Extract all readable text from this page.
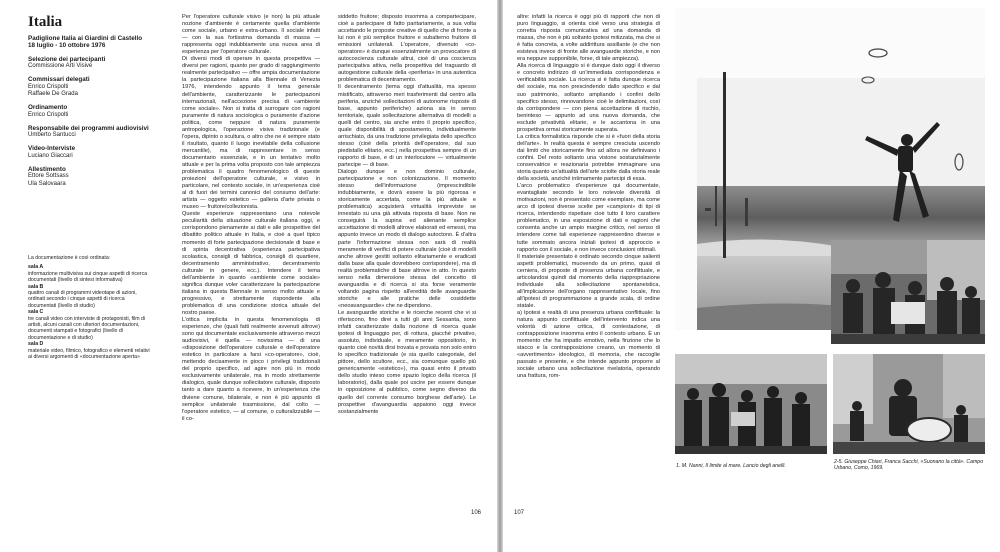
Italia
Padiglione Italia ai Giardini di Castello
18 luglio - 10 ottobre 1976
Selezione dei partecipanti
Commissione Arti Visive
Commissari delegati
Enrico Crispolti
Raffaele De Grada
Ordinamento
Enrico Crispolti
Responsabile dei programmi audiovisivi
Umberto Santucci
Video-Interviste
Luciano Giaccari
Allestimento
Ettore Sottsass
Ula Salovaara
La documentazione è così ordinata:
sala A
informazione multivisiva sui cinque aspetti di ricerca documentati (livello di sintesi informativa)
sala B
quattro canali di programmi videotape di azioni, ordinati secondo i cinque aspetti di ricerca documentati (livello di studio)
sala C
tre canali video con interviste di protagonisti, film di artisti, alcuni canali con ulteriori documentazioni, documenti stampati e fotografici (livello di documentazione e di studio)
sala D
materiale video, filmico, fotografico e elementi relativi ai diversi argomenti di «documentazione aperta»

Per l'operatore culturale visivo (e non) la più attuale nozione d'ambiente è certamente quella d'ambiente come sociale, urbano e extra-urbano. Il sociale infatti — con la sua fortissima domanda di massa — rappresenta oggi indubbiamente una nuova area di esperienza per l'operatore culturale.

Di diversi modi di operare in questa prospettiva — diversi per ragioni, quanto per grado di raggiungimento realmente partecipativo — offre ampia documentazione la partecipazione italiana alla Biennale di Venezia 1976, intendendo appunto il tema generale dell'ambiente, caratterizzante le partecipazioni internazionali, nell'accezione precisa di «ambiente come sociale». Non si tratta di surrogare con ragioni puramente di natura sociologica o puramente d'azione politica, come neppure di natura puramente antropologica, l'operazione visiva tradizionale (e l'opera, dipinto o scultura, o altro che ne è sempre stato il risultato, quanto il luogo inevitabile della collusione mercantile), ma di rappresentare in senso documentario essenziale, e in un tentativo molto attuale e per la prima volta proposto con tale ampiezza problematica il quadro fenomenologico di queste proiezioni dell'operatore culturale, e visivo in particolare, nel contesto sociale, in un'esperienza cioè al di fuori dei termini canonici del consumo dell'arte: artista — oggetto estetico — galleria d'arte privata o museo — fruitore/collezionista.

Queste esperienze rappresentano una notevole peculiarità della situazione culturale italiana oggi, e corrispondono pienamente ai dati e alle prospettive del dibattito politico attuale in Italia, e cioè a quel tipico momento di forte partecipazione decisionale di base e di spinta decentrativa (esperienza partecipativa scolastica, consigli di fabbrica, consigli di quartiere, decentramento amministrativo, decentramento culturale in genere, ecc.). Intendere il tema dell'ambiente in quanto «ambiente come sociale» significa dunque voler caratterizzare la partecipazione italiana in questa Biennale in senso molto attuale e progressivo, e strettamente rispondente alla problematica di una condizione storica attuale del nostro paese.

L'ottica implicita in questa fenomenologia di esperienze, che (quali fatti realmente avvenuti altrove) sono qui documentate esclusivamente attraverso mezzi audiovisivi, è quella — novissima — di una «disposizione dell'operatore culturale e dell'operatore estetico in particolare a farsi «co-operatore», cioè, mettendo decisamente in gioco i privilegi tradizionali del proprio specifico, ad agire non più in modo esclusivamente unilaterale, ma in modo strettamente dialogico, quale dunque sollecitatore culturale, disposto tanto a dare quanto a ricevere, in un'esperienza che diviene comune, bilaterale, e non è più appunto di semplice unilaterale trasmissione, dal colto — l'operatore estetico, — al comune, o culturalizzabile — il co-

siddetto fruitore; disposto insomma a compartecipare, cioè a partecipare di fatto paritariamente, a sua volta accettando le proposte creative di quello che di fronte a lui non è più semplice fruitore e subalterno fruitore di emissioni unilaterali. L'operatore, divenuto «co-operatore» è dunque essenzialmente un provocatore di autocoscienza culturale altrui, cioè di una coscienza partecipativa attiva, nella prospettiva del traguardo di autogestione culturale della «periferia» in una autentica problematica di decentramento.

Il decentramento (tema oggi d'attualità, ma spesso mistificato, attraverso meri trasferimenti dal centro alla periferia, anziché sollecitazioni di autonome risposte di base, appunto periferiche) aziona sia in senso territoriale, quale sollecitazione alternativa di modelli a quelli del centro, sia anche entro il proprio specifico, quale disponibilità di spostamento, individualmente arrischiato, da una tradizione privilegiata dello specifico stesso (cioè della priorità dell'operatore, dal suo piedistallo elitario, ecc.) nella prospettiva sempre di un rapporto di base, e di un interlocutore — virtualmente partecipe — di base.

Dialogo dunque e non dominio culturale, partecipazione e non colonizzazione. Il momento stesso dell'informazione (imprescindibile indubbiamente, e dovrà essere la più rigorosa e storicamente accertata, come la più attuale e problematica) acquisterà virtualità impreviste se innestato su una già attivata risposta di base. Non ne conseguirà la supina ed alienante semplice accettazione di modelli altrove elaborati ed emessi, ma appunto invece un modo di dialogo autoctono. È d'altra parte l'informazione stessa non sarà di realtà meramente di verifici di potere culturale (cioè di modelli anche altrove gestiti soltanto elitariamente e eradicati dalla base alla quale dovrebbero corrispondere), ma di realtà problematiche di base altrove in atto. In questo senso nella dimensione stessa del concetto di avanguardia e di ricerca si sta forse veramente voltando pagina rispetto all'eredità delle avanguardie storiche e alle pratiche delle cosiddette «neoavanguardie» che ne dipendono.

Le avanguardie storiche e le ricerche recenti che vi si riferiscono, fino direi a tutti gli anni Sessanta, sono infatti caratterizzate dalla nozione di ricerca quale ipotesi di linguaggio per, di rottura, giacché privativo, assoluto, individuale, e meramente oppositorio, in quanto cioè novità dirsi trovata e provata non solo entro lo specifico tradizionale (e sia quello categoriale, del pittore, dello scultore, ecc., sia comunque quello più genericamente «estetico»), ma quasi entro il privato dello studio inteso come spazio logico della ricerca (il laboratorio), dalla quale poi uscire per essere dunque in opposizione al pubblico, come segno diverso da quello del corrente consumo borghese dell'arte). Le prospettive d'avanguardia appaiono oggi invece sostanzialmente

106

altre: infatti la ricerca è oggi più di rapporti che non di puro linguaggio, si orienta cioè verso una strategia di corretta risposta comunicativa ad una domanda di massa, che non è più soltanto ipotesi mitizzata, ma che si è fatta concreta, a volte addirittura assillante (e che non esisteva invece di fronte alle avanguardie storiche, e non era neppure supponibile, forse, di tale ampiezza).

Alla ricerca di linguaggio si è dunque dato oggi il diverso e concreto indirizzo di un'immediata corrispondenza e verificabilità sociale. La ricerca si è fatta dunque ricerca del sociale, ma non prescindendo dallo specifico e dal suo patrimonio, soltanto ampliando i confini dello specifico stesso, rinnovandone cioè le delimitazioni, così da corrispondere — con piena accettazione di rischio, beninteso — appunto ad una nuova domanda, che esclude privatività elitarie, e le accantona in una prospettiva ormai storicamente superata.

La critica formalistica risponde che si è «fuori della storia dell'arte». In realtà questa è sempre cresciuta uscendo dai limiti che storicamente fino ad allora ne definivano i confini. Del resto soltanto una visione sostanzialmente conservatrice e reazionaria potrebbe immaginare una storia quanto un'attualità dell'arte sciolte dalla storia reale della società, anziché intimamente partecipi di essa.

L'arco problematico d'esperienze qui documentate, evantagliate secondo le loro notevole diversità di motivazioni, non è presentato come esemplare, ma come arco di ipotesi diverse scelte per «campioni» di tipi di ricerca, intendendo rispettare cioè tutto il loro carattere problematico, in una esposizione di dati e ragioni che consenta anche un ampio margine critico, nel senso di intendere come tali esperienze rappresentino diverse e tutte sommato ancora iniziali ipotesi di approccio e rapporto con il sociale, e non invece conclusioni ottimali.

Il materiale presentato è ordinato secondo cinque salienti aspetti problematici, muovendo da un primo, quasi di cerniera, di proposte di presenza urbana conflittuale, e articolandosi quindi dal momento della riappropriazione individuale alla sollecitazione spontaneistica, all'implicazione dell'organo rappresentativo locale, fino all'ipotesi di programmazione a grande scala, di ordine statale.

a) Ipotesi e realtà di una presenza urbana conflittuale: la natura appunto conflittuale dell'intervento indica una volontà di azione critica, di contestazione, di contrapposizione insomma entro il contesto urbano. È un momento che ha impatto emotivo, nella finzione che lo stacco e la contrapposizione creano, un momento di «avvertimento» ideologico, di memoria, che raccoglie passato e presente, e che intende appunto proporre al sociale urbano una sollecitazione rivelatoria, operando una frattura, rom-

1. M. Nanni, Il limite al mare. Lancio degli anelli.
2-5. Giuseppe Chiari, Franca Sacchi, «Suonano la città». Campo Urbano, Como, 1969.
107
